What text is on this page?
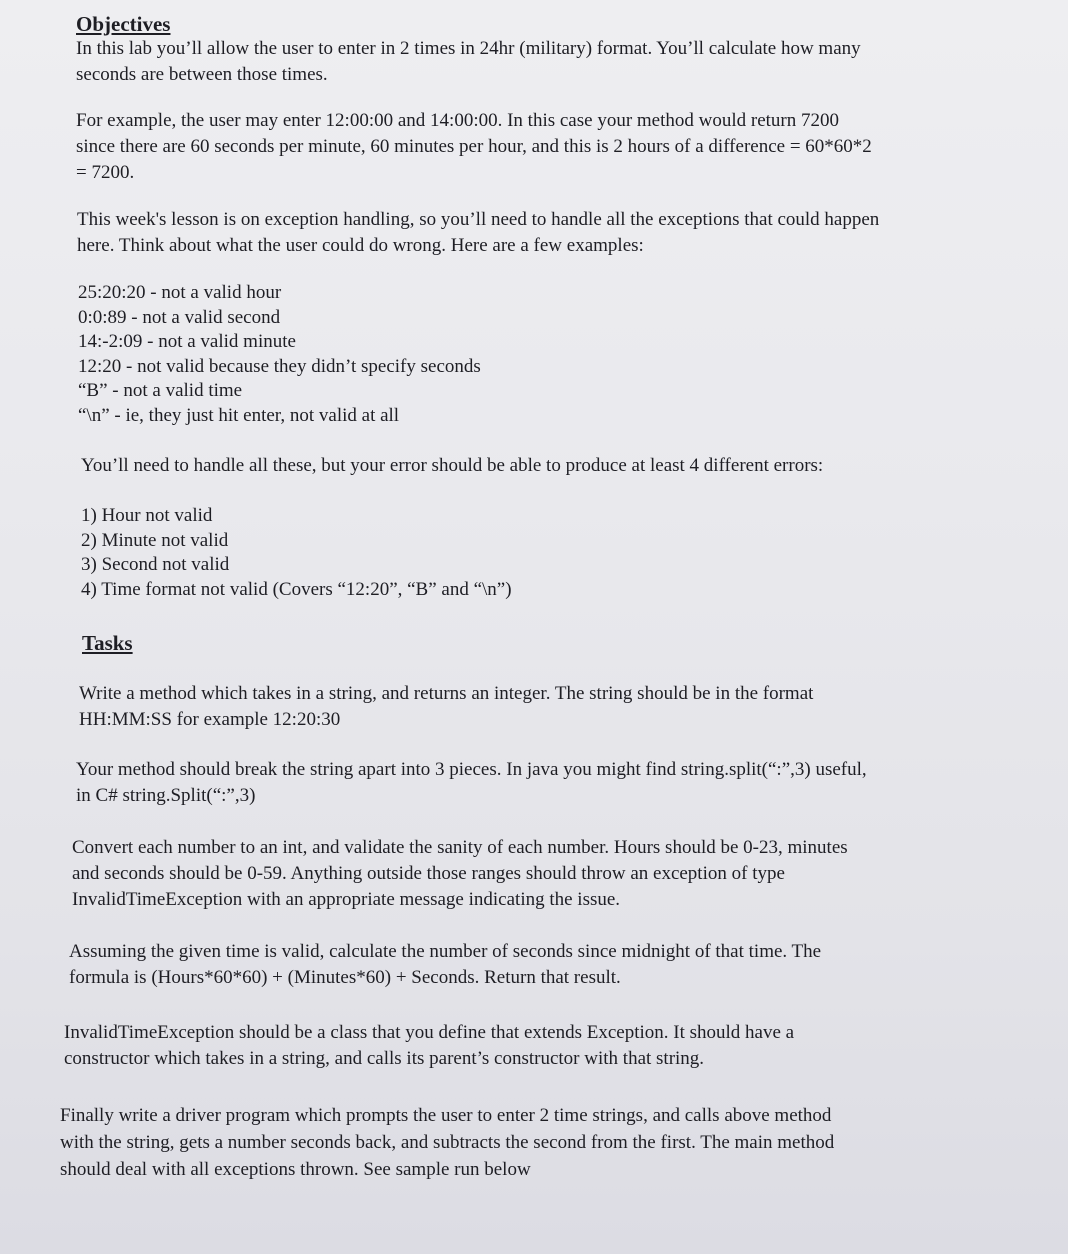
Objectives
In this lab you’ll allow the user to enter in 2 times in 24hr (military) format. You’ll calculate how many
seconds are between those times.
For example, the user may enter 12:00:00 and 14:00:00. In this case your method would return 7200
since there are 60 seconds per minute, 60 minutes per hour, and this is 2 hours of a difference = 60*60*2
= 7200.
This week's lesson is on exception handling, so you’ll need to handle all the exceptions that could happen
here. Think about what the user could do wrong. Here are a few examples:
25:20:20 - not a valid hour
0:0:89 - not a valid second
14:-2:09 - not a valid minute
12:20 - not valid because they didn’t specify seconds
“B” - not a valid time
“\n” - ie, they just hit enter, not valid at all
You’ll need to handle all these, but your error should be able to produce at least 4 different errors:
1) Hour not valid
2) Minute not valid
3) Second not valid
4) Time format not valid (Covers “12:20”, “B” and “\n”)
Tasks
Write a method which takes in a string, and returns an integer. The string should be in the format
HH:MM:SS for example 12:20:30
Your method should break the string apart into 3 pieces. In java you might find string.split(“:”,3) useful,
in C# string.Split(“:”,3)
Convert each number to an int, and validate the sanity of each number. Hours should be 0-23, minutes
and seconds should be 0-59. Anything outside those ranges should throw an exception of type
InvalidTimeException with an appropriate message indicating the issue.
Assuming the given time is valid, calculate the number of seconds since midnight of that time. The
formula is (Hours*60*60) + (Minutes*60) + Seconds. Return that result.
InvalidTimeException should be a class that you define that extends Exception. It should have a
constructor which takes in a string, and calls its parent’s constructor with that string.
Finally write a driver program which prompts the user to enter 2 time strings, and calls above method
with the string, gets a number seconds back, and subtracts the second from the first. The main method
should deal with all exceptions thrown. See sample run below
